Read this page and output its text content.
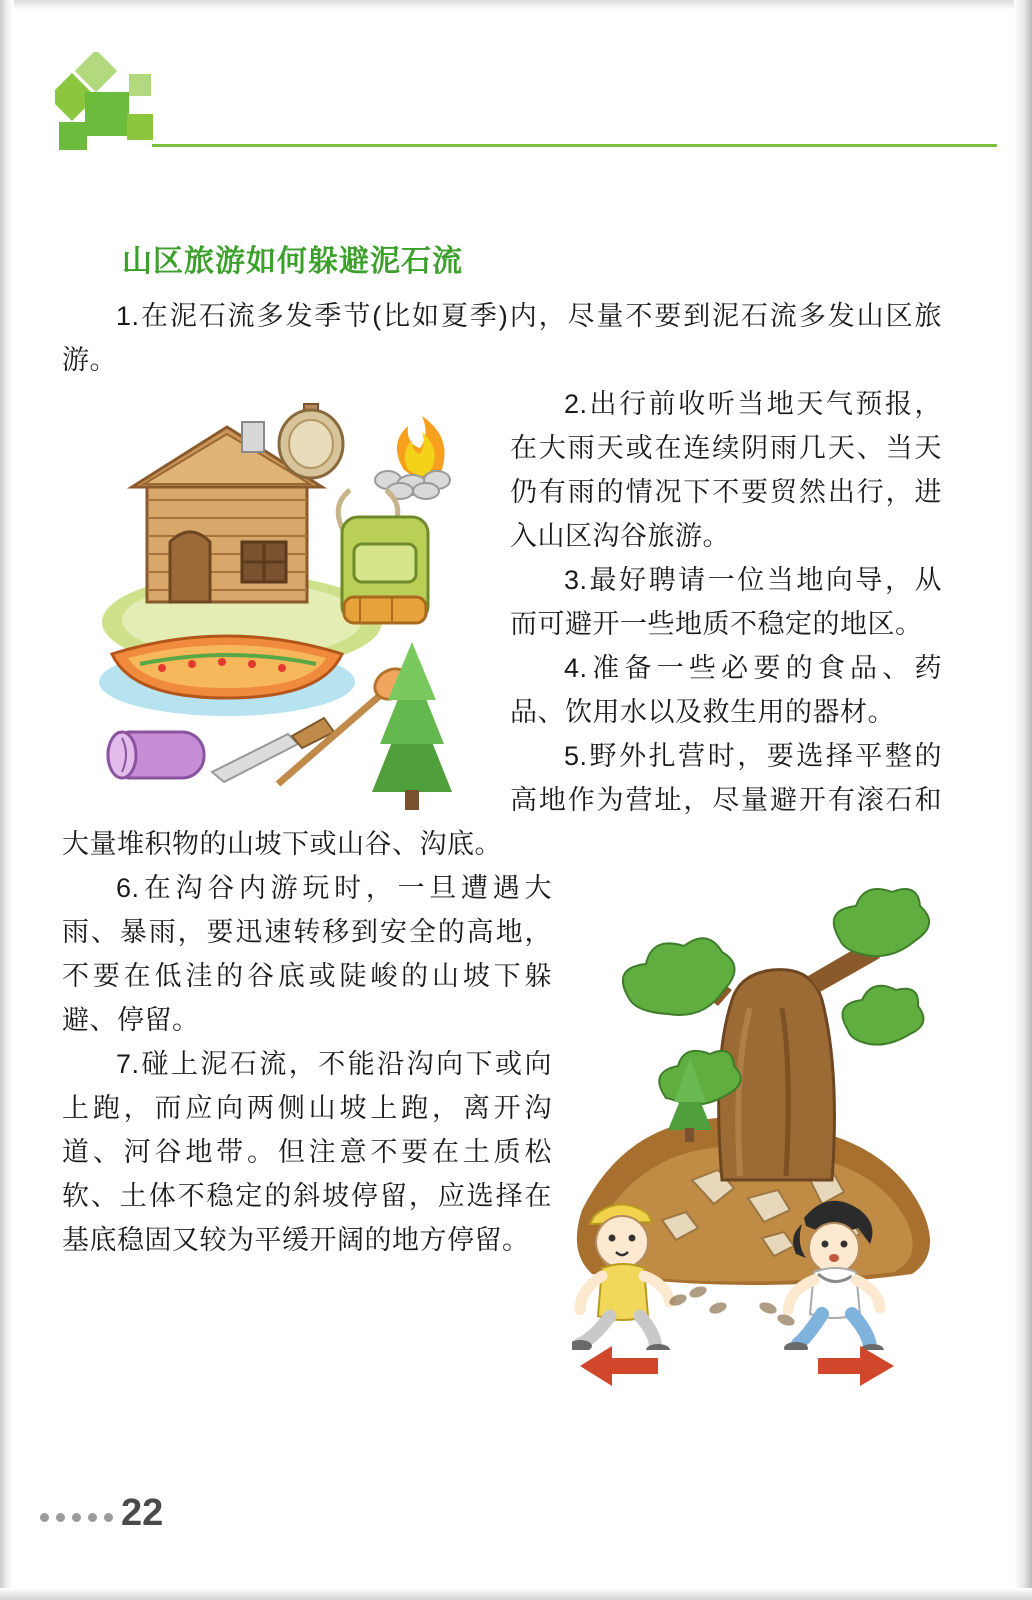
山区旅游如何躲避泥石流

1.在泥石流多发季节(比如夏季)内，尽量不要到泥石流多发山区旅游。

2.出行前收听当地天气预报，在大雨天或在连续阴雨几天、当天仍有雨的情况下不要贸然出行，进入山区沟谷旅游。

3.最好聘请一位当地向导，从而可避开一些地质不稳定的地区。

4.准备一些必要的食品、药品、饮用水以及救生用的器材。

5.野外扎营时，要选择平整的高地作为营址，尽量避开有滚石和大量堆积物的山坡下或山谷、沟底。

6.在沟谷内游玩时，一旦遭遇大雨、暴雨，要迅速转移到安全的高地，不要在低洼的谷底或陡峻的山坡下躲避、停留。

7.碰上泥石流，不能沿沟向下或向上跑，而应向两侧山坡上跑，离开沟道、河谷地带。但注意不要在土质松软、土体不稳定的斜坡停留，应选择在基底稳固又较为平缓开阔的地方停留。

22
